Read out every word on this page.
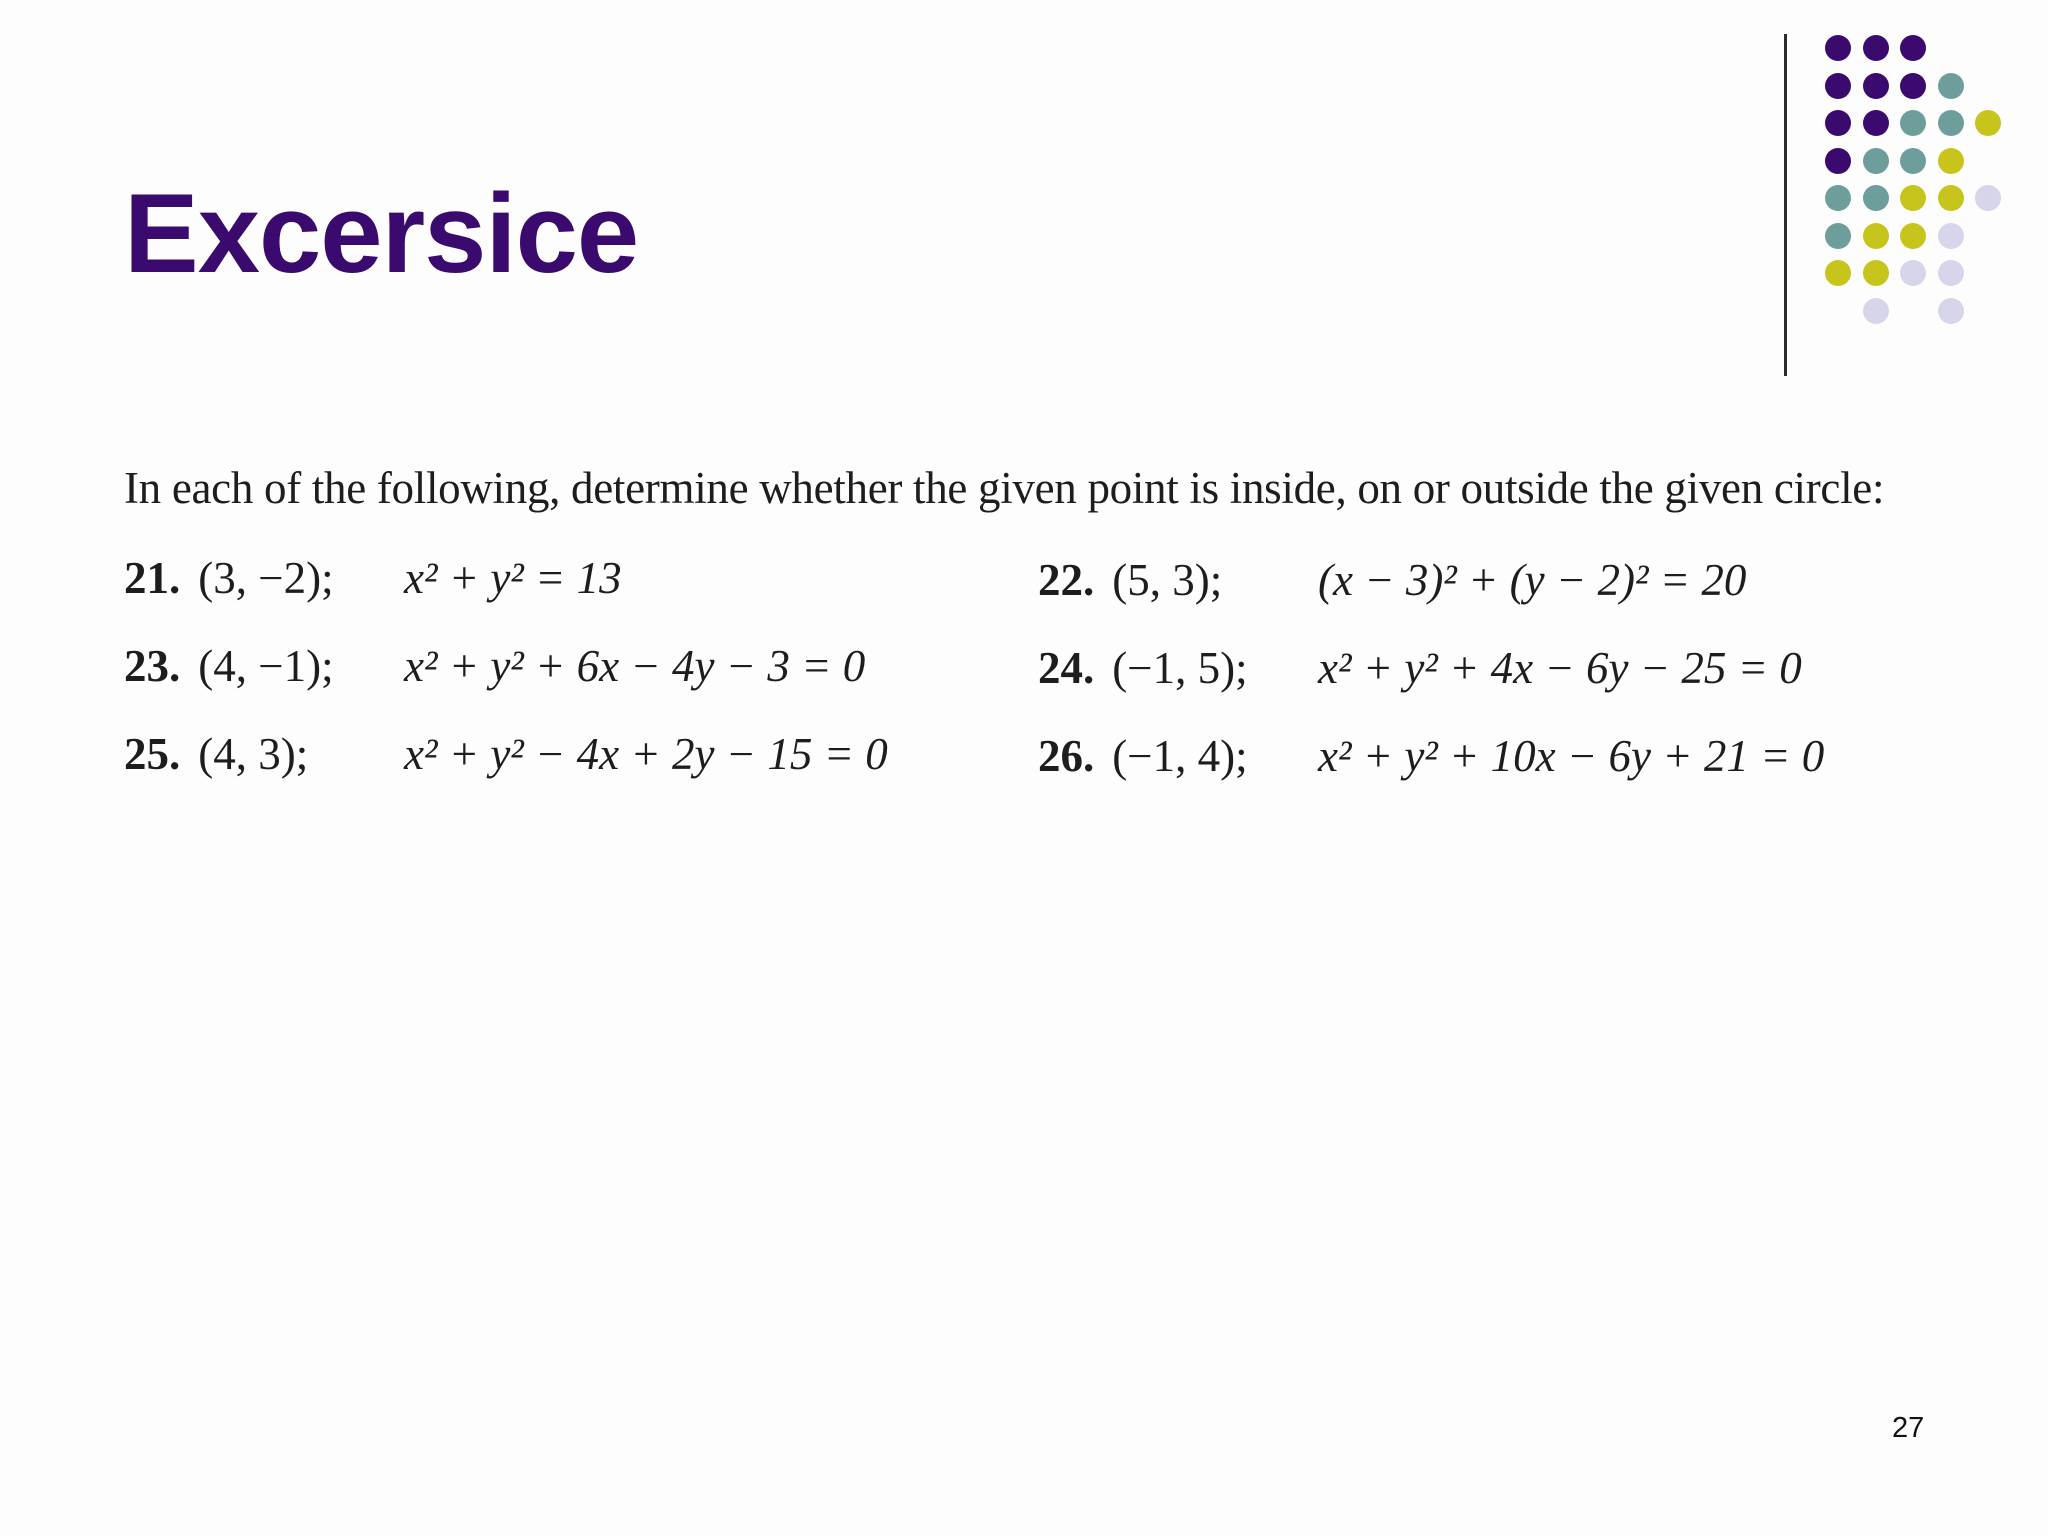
Excersice
In each of the following, determine whether the given point is inside, on or outside the given circle:
21. (3, −2); x² + y² = 13	22. (5, 3); (x − 3)² + (y − 2)² = 20
23. (4, −1); x² + y² + 6x − 4y − 3 = 0	24. (−1, 5); x² + y² + 4x − 6y − 25 = 0
25. (4, 3); x² + y² − 4x + 2y − 15 = 0	26. (−1, 4); x² + y² + 10x − 6y + 21 = 0
27
